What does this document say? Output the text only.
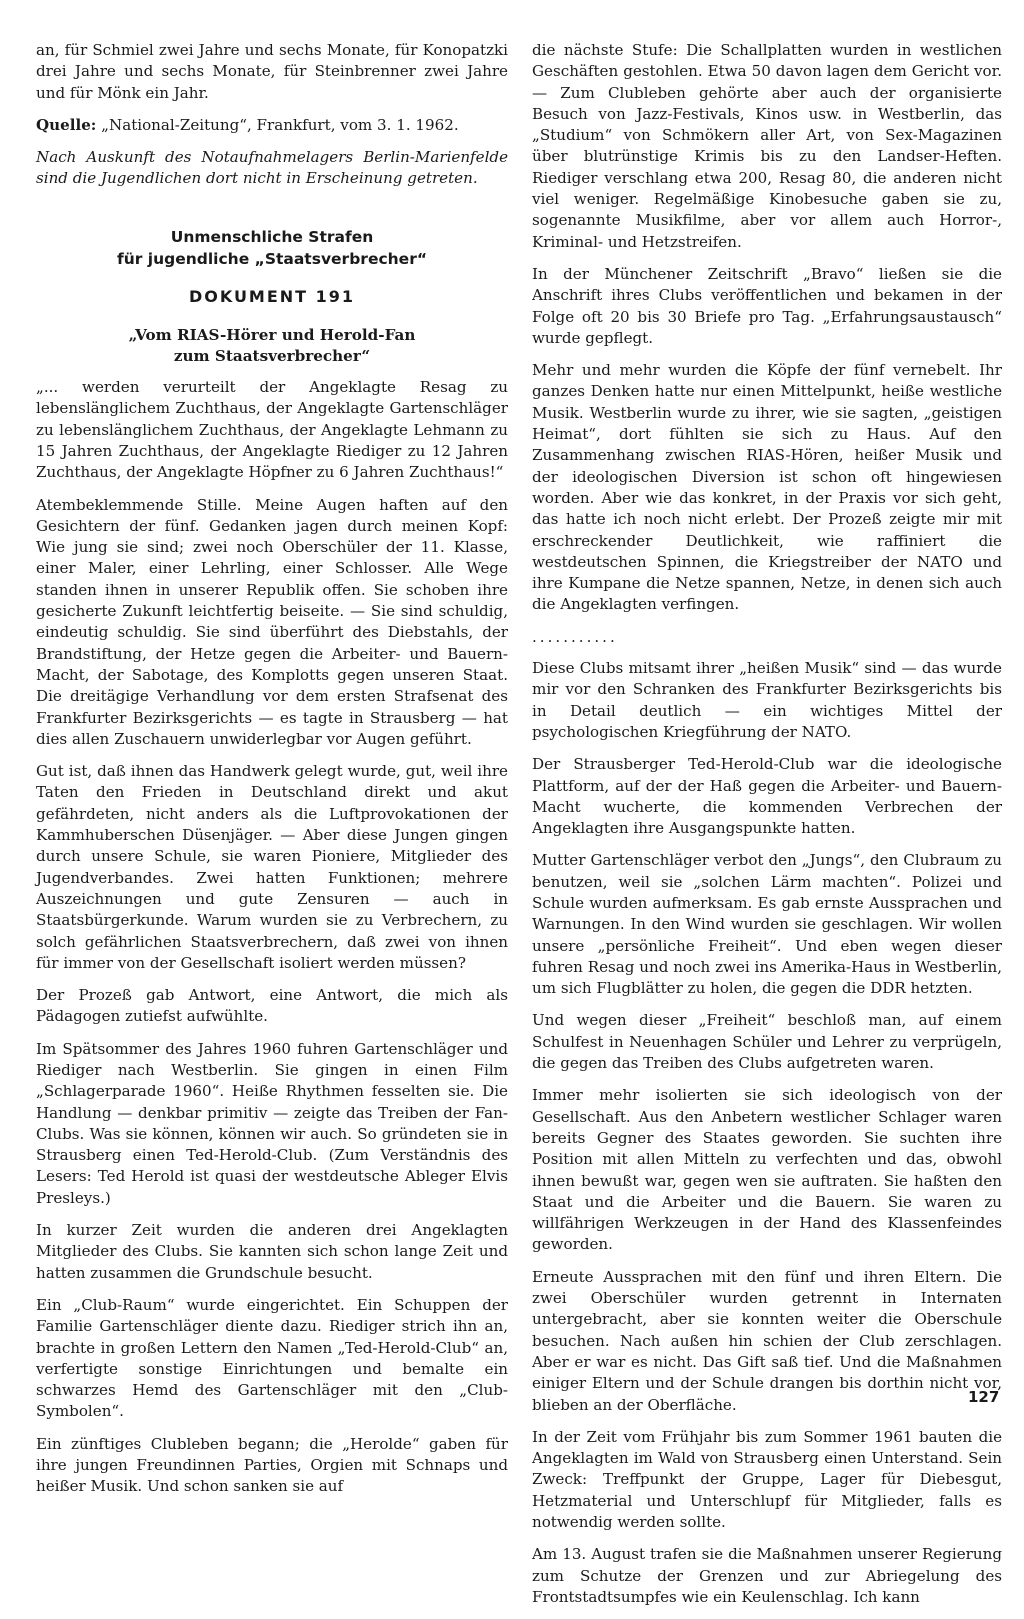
an, für Schmiel zwei Jahre und sechs Monate, für Konopatzki drei Jahre und sechs Monate, für Steinbrenner zwei Jahre und für Mönk ein Jahr.

Quelle: „National-Zeitung“, Frankfurt, vom 3. 1. 1962.

Nach Auskunft des Notaufnahmelagers Berlin-Marienfelde sind die Jugendlichen dort nicht in Erscheinung getreten.

Unmenschliche Strafen
für jugendliche „Staatsverbrecher“
DOKUMENT 191
„Vom RIAS-Hörer und Herold-Fan
zum Staatsverbrecher“

„... werden verurteilt der Angeklagte Resag zu lebenslänglichem Zuchthaus, der Angeklagte Gartenschläger zu lebenslänglichem Zuchthaus, der Angeklagte Lehmann zu 15 Jahren Zuchthaus, der Angeklagte Riediger zu 12 Jahren Zuchthaus, der Angeklagte Höpfner zu 6 Jahren Zuchthaus!“

Atembeklemmende Stille. Meine Augen haften auf den Gesichtern der fünf. Gedanken jagen durch meinen Kopf: Wie jung sie sind; zwei noch Oberschüler der 11. Klasse, einer Maler, einer Lehrling, einer Schlosser. Alle Wege standen ihnen in unserer Republik offen. Sie schoben ihre gesicherte Zukunft leichtfertig beiseite. — Sie sind schuldig, eindeutig schuldig. Sie sind überführt des Diebstahls, der Brandstiftung, der Hetze gegen die Arbeiter- und Bauern-Macht, der Sabotage, des Komplotts gegen unseren Staat. Die dreitägige Verhandlung vor dem ersten Strafsenat des Frankfurter Bezirksgerichts — es tagte in Strausberg — hat dies allen Zuschauern unwiderlegbar vor Augen geführt.

Gut ist, daß ihnen das Handwerk gelegt wurde, gut, weil ihre Taten den Frieden in Deutschland direkt und akut gefährdeten, nicht anders als die Luftprovokationen der Kammhuberschen Düsenjäger. — Aber diese Jungen gingen durch unsere Schule, sie waren Pioniere, Mitglieder des Jugendverbandes. Zwei hatten Funktionen; mehrere Auszeichnungen und gute Zensuren — auch in Staatsbürgerkunde. Warum wurden sie zu Verbrechern, zu solch gefährlichen Staatsverbrechern, daß zwei von ihnen für immer von der Gesellschaft isoliert werden müssen?

Der Prozeß gab Antwort, eine Antwort, die mich als Pädagogen zutiefst aufwühlte.

Im Spätsommer des Jahres 1960 fuhren Gartenschläger und Riediger nach Westberlin. Sie gingen in einen Film „Schlagerparade 1960“. Heiße Rhythmen fesselten sie. Die Handlung — denkbar primitiv — zeigte das Treiben der Fan-Clubs. Was sie können, können wir auch. So gründeten sie in Strausberg einen Ted-Herold-Club. (Zum Verständnis des Lesers: Ted Herold ist quasi der westdeutsche Ableger Elvis Presleys.)

In kurzer Zeit wurden die anderen drei Angeklagten Mitglieder des Clubs. Sie kannten sich schon lange Zeit und hatten zusammen die Grundschule besucht.

Ein „Club-Raum“ wurde eingerichtet. Ein Schuppen der Familie Gartenschläger diente dazu. Riediger strich ihn an, brachte in großen Lettern den Namen „Ted-Herold-Club“ an, verfertigte sonstige Einrichtungen und bemalte ein schwarzes Hemd des Gartenschläger mit den „Club-Symbolen“.

Ein zünftiges Clubleben begann; die „Herolde“ gaben für ihre jungen Freundinnen Parties, Orgien mit Schnaps und heißer Musik. Und schon sanken sie auf

die nächste Stufe: Die Schallplatten wurden in westlichen Geschäften gestohlen. Etwa 50 davon lagen dem Gericht vor. — Zum Clubleben gehörte aber auch der organisierte Besuch von Jazz-Festivals, Kinos usw. in Westberlin, das „Studium“ von Schmökern aller Art, von Sex-Magazinen über blutrünstige Krimis bis zu den Landser-Heften. Riediger verschlang etwa 200, Resag 80, die anderen nicht viel weniger. Regelmäßige Kinobesuche gaben sie zu, sogenannte Musikfilme, aber vor allem auch Horror-, Kriminal- und Hetzstreifen.

In der Münchener Zeitschrift „Bravo“ ließen sie die Anschrift ihres Clubs veröffentlichen und bekamen in der Folge oft 20 bis 30 Briefe pro Tag. „Erfahrungsaustausch“ wurde gepflegt.

Mehr und mehr wurden die Köpfe der fünf vernebelt. Ihr ganzes Denken hatte nur einen Mittelpunkt, heiße westliche Musik. Westberlin wurde zu ihrer, wie sie sagten, „geistigen Heimat“, dort fühlten sie sich zu Haus. Auf den Zusammenhang zwischen RIAS-Hören, heißer Musik und der ideologischen Diversion ist schon oft hingewiesen worden. Aber wie das konkret, in der Praxis vor sich geht, das hatte ich noch nicht erlebt. Der Prozeß zeigte mir mit erschreckender Deutlichkeit, wie raffiniert die westdeutschen Spinnen, die Kriegstreiber der NATO und ihre Kumpane die Netze spannen, Netze, in denen sich auch die Angeklagten verfingen.

...........

Diese Clubs mitsamt ihrer „heißen Musik“ sind — das wurde mir vor den Schranken des Frankfurter Bezirksgerichts bis in Detail deutlich — ein wichtiges Mittel der psychologischen Kriegführung der NATO.

Der Strausberger Ted-Herold-Club war die ideologische Plattform, auf der der Haß gegen die Arbeiter- und Bauern-Macht wucherte, die kommenden Verbrechen der Angeklagten ihre Ausgangspunkte hatten.

Mutter Gartenschläger verbot den „Jungs“, den Clubraum zu benutzen, weil sie „solchen Lärm machten“. Polizei und Schule wurden aufmerksam. Es gab ernste Aussprachen und Warnungen. In den Wind wurden sie geschlagen. Wir wollen unsere „persönliche Freiheit“. Und eben wegen dieser fuhren Resag und noch zwei ins Amerika-Haus in Westberlin, um sich Flugblätter zu holen, die gegen die DDR hetzten.

Und wegen dieser „Freiheit“ beschloß man, auf einem Schulfest in Neuenhagen Schüler und Lehrer zu verprügeln, die gegen das Treiben des Clubs aufgetreten waren.

Immer mehr isolierten sie sich ideologisch von der Gesellschaft. Aus den Anbetern westlicher Schlager waren bereits Gegner des Staates geworden. Sie suchten ihre Position mit allen Mitteln zu verfechten und das, obwohl ihnen bewußt war, gegen wen sie auftraten. Sie haßten den Staat und die Arbeiter und die Bauern. Sie waren zu willfährigen Werkzeugen in der Hand des Klassenfeindes geworden.

Erneute Aussprachen mit den fünf und ihren Eltern. Die zwei Oberschüler wurden getrennt in Internaten untergebracht, aber sie konnten weiter die Oberschule besuchen. Nach außen hin schien der Club zerschlagen. Aber er war es nicht. Das Gift saß tief. Und die Maßnahmen einiger Eltern und der Schule drangen bis dorthin nicht vor, blieben an der Oberfläche.

In der Zeit vom Frühjahr bis zum Sommer 1961 bauten die Angeklagten im Wald von Strausberg einen Unterstand. Sein Zweck: Treffpunkt der Gruppe, Lager für Diebesgut, Hetzmaterial und Unterschlupf für Mitglieder, falls es notwendig werden sollte.

Am 13. August trafen sie die Maßnahmen unserer Regierung zum Schutze der Grenzen und zur Abriegelung des Frontstadtsumpfes wie ein Keulenschlag. Ich kann

127
